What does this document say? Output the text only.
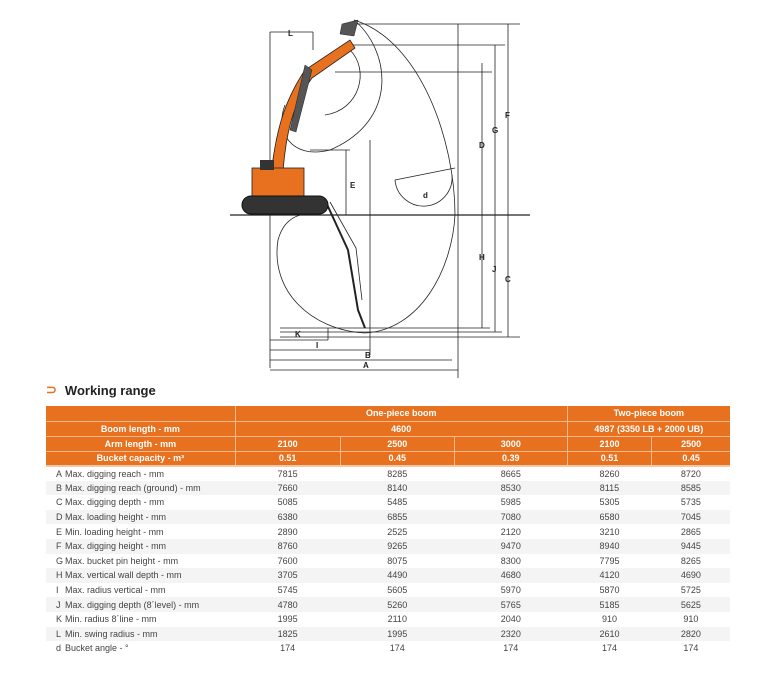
L
E
d
D
G
F
H
J
C
K
I
B
A
⊃ Working range
		One-piece boom			Two-piece boom	
Boom length - mm		4600			4987 (3350 LB + 2000 UB)	
Arm length - mm		2100	2500	3000	2100	2500
Bucket capacity - m³		0.51	0.45	0.39	0.51	0.45
A	Max. digging reach - mm	7815	8285	8665	8260	8720
B	Max. digging reach (ground) - mm	7660	8140	8530	8115	8585
C	Max. digging depth - mm	5085	5485	5985	5305	5735
D	Max. loading height - mm	6380	6855	7080	6580	7045
E	Min. loading height - mm	2890	2525	2120	3210	2865
F	Max. digging height - mm	8760	9265	9470	8940	9445
G	Max. bucket pin height - mm	7600	8075	8300	7795	8265
H	Max. vertical wall depth - mm	3705	4490	4680	4120	4690
I	Max. radius vertical - mm	5745	5605	5970	5870	5725
J	Max. digging depth (8´level) - mm	4780	5260	5765	5185	5625
K	Min. radius 8´line - mm	1995	2110	2040	910	910
L	Min. swing radius - mm	1825	1995	2320	2610	2820
d	Bucket angle - °	174	174	174	174	174
